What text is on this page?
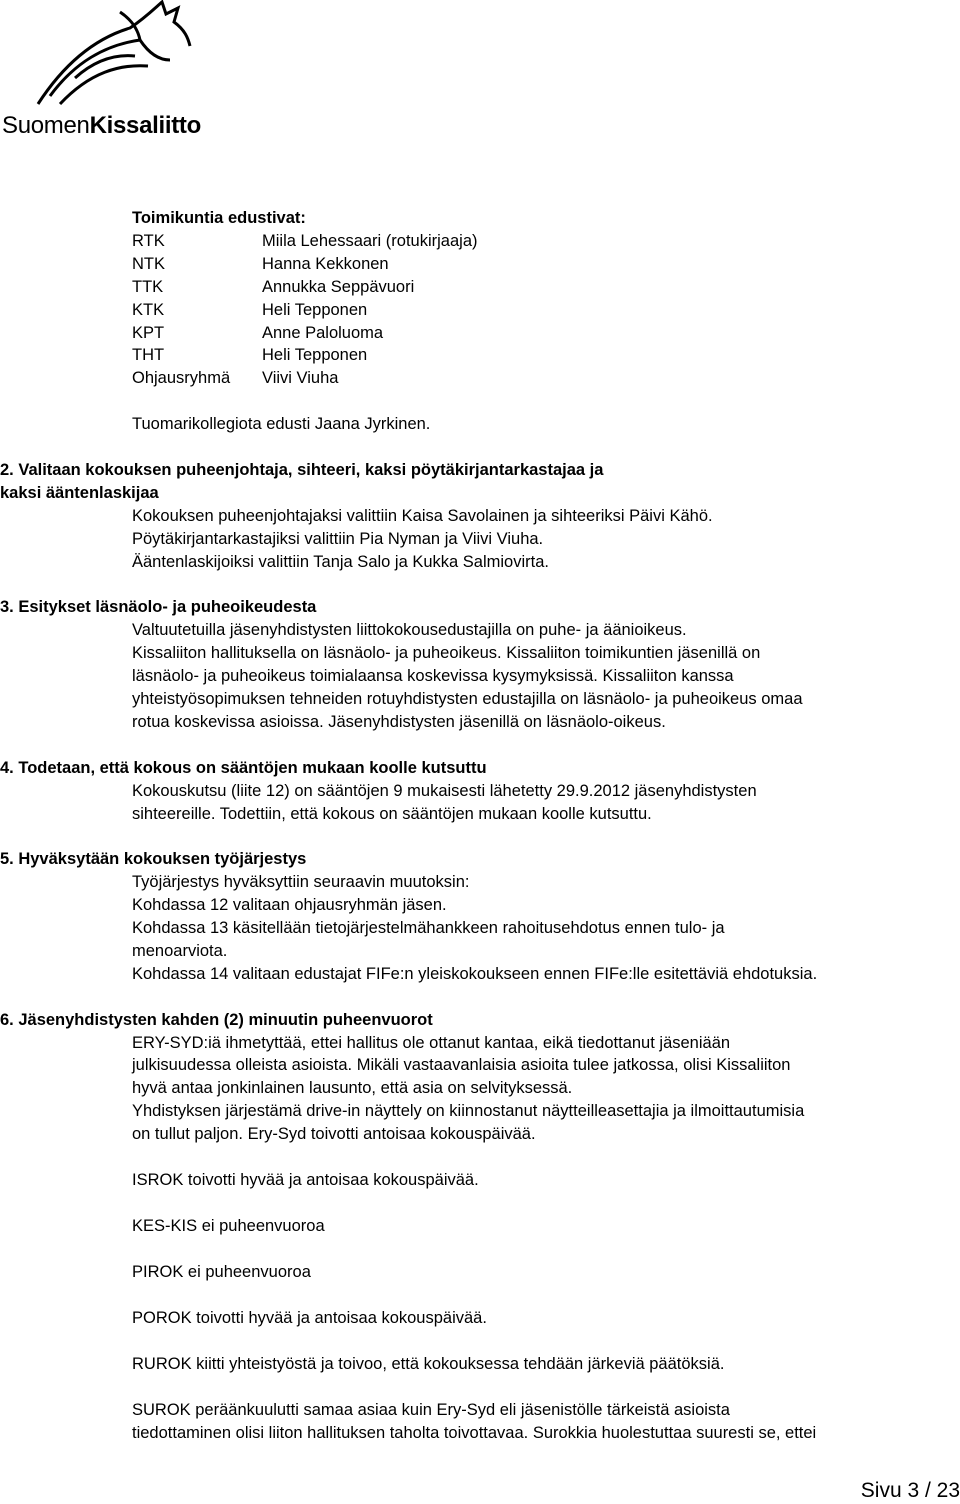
SuomenKissaliitto

Toimikuntia edustivat:

RTK	Miila Lehessaari (rotukirjaaja)
NTK	Hanna Kekkonen
TTK	Annukka Seppävuori
KTK	Heli Tepponen
KPT	Anne Paloluoma
THT	Heli Tepponen
Ohjausryhmä	Viivi Viuha

Tuomarikollegiota edusti Jaana Jyrkinen.

2. Valitaan kokouksen puheenjohtaja, sihteeri, kaksi pöytäkirjantarkastajaa ja

kaksi ääntenlaskijaa

Kokouksen puheenjohtajaksi valittiin Kaisa Savolainen ja sihteeriksi Päivi Kähö.

Pöytäkirjantarkastajiksi valittiin Pia Nyman ja Viivi Viuha.

Ääntenlaskijoiksi valittiin Tanja Salo ja Kukka Salmiovirta.

3. Esitykset läsnäolo- ja puheoikeudesta

Valtuutetuilla jäsenyhdistysten liittokokousedustajilla on puhe- ja äänioikeus.

Kissaliiton hallituksella on läsnäolo- ja puheoikeus. Kissaliiton toimikuntien jäsenillä on

läsnäolo- ja puheoikeus toimialaansa koskevissa kysymyksissä. Kissaliiton kanssa

yhteistyösopimuksen tehneiden rotuyhdistysten edustajilla on läsnäolo- ja puheoikeus omaa

rotua koskevissa asioissa. Jäsenyhdistysten jäsenillä on läsnäolo-oikeus.

4. Todetaan, että kokous on sääntöjen mukaan koolle kutsuttu

Kokouskutsu (liite 12) on sääntöjen 9 mukaisesti lähetetty 29.9.2012 jäsenyhdistysten

sihteereille. Todettiin, että kokous on sääntöjen mukaan koolle kutsuttu.

5. Hyväksytään kokouksen työjärjestys

Työjärjestys hyväksyttiin seuraavin muutoksin:

Kohdassa 12 valitaan ohjausryhmän jäsen.

Kohdassa 13 käsitellään tietojärjestelmähankkeen rahoitusehdotus ennen tulo- ja

menoarviota.

Kohdassa 14 valitaan edustajat FIFe:n yleiskokoukseen ennen FIFe:lle esitettäviä ehdotuksia.

6. Jäsenyhdistysten kahden (2) minuutin puheenvuorot

ERY-SYD:iä ihmetyttää, ettei hallitus ole ottanut kantaa, eikä tiedottanut jäseniään

julkisuudessa olleista asioista. Mikäli vastaavanlaisia asioita tulee jatkossa, olisi Kissaliiton

hyvä antaa jonkinlainen lausunto, että asia on selvityksessä.

Yhdistyksen järjestämä drive-in näyttely on kiinnostanut näytteilleasettajia ja ilmoittautumisia

on tullut paljon. Ery-Syd toivotti antoisaa kokouspäivää.

ISROK toivotti hyvää ja antoisaa kokouspäivää.

KES-KIS ei puheenvuoroa

PIROK ei puheenvuoroa

POROK toivotti hyvää ja antoisaa kokouspäivää.

RUROK kiitti yhteistyöstä ja toivoo, että kokouksessa tehdään järkeviä päätöksiä.

SUROK peräänkuulutti samaa asiaa kuin Ery-Syd eli jäsenistölle tärkeistä asioista

tiedottaminen olisi liiton hallituksen taholta toivottavaa. Surokkia huolestuttaa suuresti se, ettei

Sivu 3 / 23
